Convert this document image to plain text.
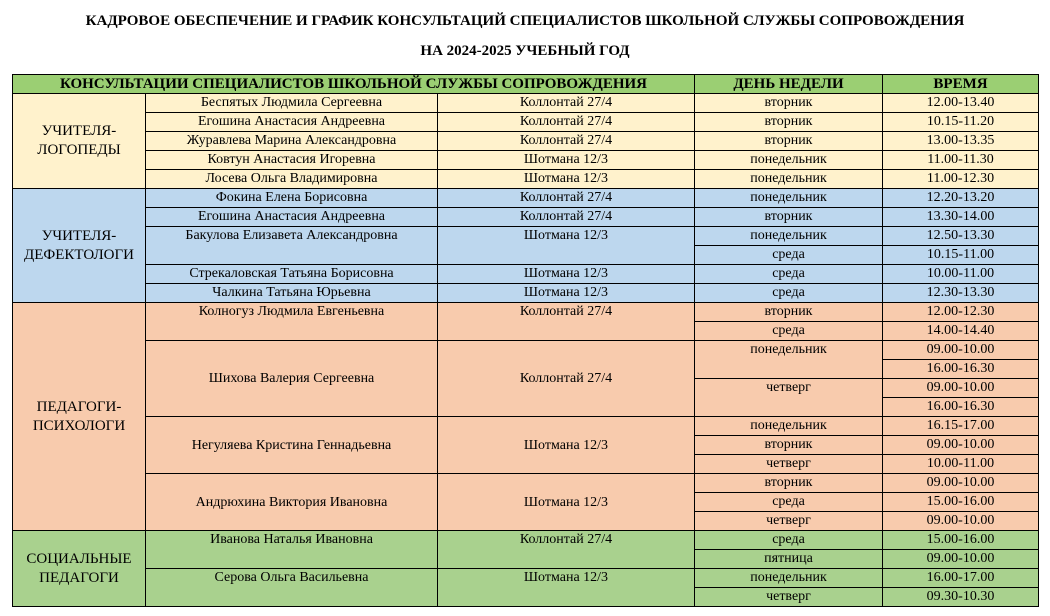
КАДРОВОЕ ОБЕСПЕЧЕНИЕ И ГРАФИК КОНСУЛЬТАЦИЙ СПЕЦИАЛИСТОВ ШКОЛЬНОЙ СЛУЖБЫ СОПРОВОЖДЕНИЯ
НА 2024-2025 УЧЕБНЫЙ ГОД
КОНСУЛЬТАЦИИ СПЕЦИАЛИСТОВ ШКОЛЬНОЙ СЛУЖБЫ СОПРОВОЖДЕНИЯ			ДЕНЬ НЕДЕЛИ	ВРЕМЯ
УЧИТЕЛЯ-ЛОГОПЕДЫ	Беспятых Людмила Сергеевна	Коллонтай 27/4	вторник	12.00-13.40
	Егошина Анастасия Андреевна	Коллонтай 27/4	вторник	10.15-11.20
	Журавлева Марина Александровна	Коллонтай 27/4	вторник	13.00-13.35
	Ковтун Анастасия Игоревна	Шотмана 12/3	понедельник	11.00-11.30
	Лосева Ольга Владимировна	Шотмана 12/3	понедельник	11.00-12.30
УЧИТЕЛЯ-ДЕФЕКТОЛОГИ	Фокина Елена Борисовна	Коллонтай 27/4	понедельник	12.20-13.20
	Егошина Анастасия Андреевна	Коллонтай 27/4	вторник	13.30-14.00
	Бакулова Елизавета Александровна	Шотмана 12/3	понедельник	12.50-13.30
			среда	10.15-11.00
	Стрекаловская Татьяна Борисовна	Шотмана 12/3	среда	10.00-11.00
	Чалкина Татьяна Юрьевна	Шотмана 12/3	среда	12.30-13.30
ПЕДАГОГИ-ПСИХОЛОГИ	Колногуз Людмила Евгеньевна	Коллонтай 27/4	вторник	12.00-12.30
			среда	14.00-14.40
	Шихова Валерия Сергеевна	Коллонтай 27/4	понедельник	09.00-10.00
				16.00-16.30
			четверг	09.00-10.00
				16.00-16.30
	Негуляева Кристина Геннадьевна	Шотмана 12/3	понедельник	16.15-17.00
			вторник	09.00-10.00
			четверг	10.00-11.00
	Андрюхина Виктория Ивановна	Шотмана 12/3	вторник	09.00-10.00
			среда	15.00-16.00
			четверг	09.00-10.00
СОЦИАЛЬНЫЕ ПЕДАГОГИ	Иванова Наталья Ивановна	Коллонтай 27/4	среда	15.00-16.00
			пятница	09.00-10.00
	Серова Ольга Васильевна	Шотмана 12/3	понедельник	16.00-17.00
			четверг	09.30-10.30
